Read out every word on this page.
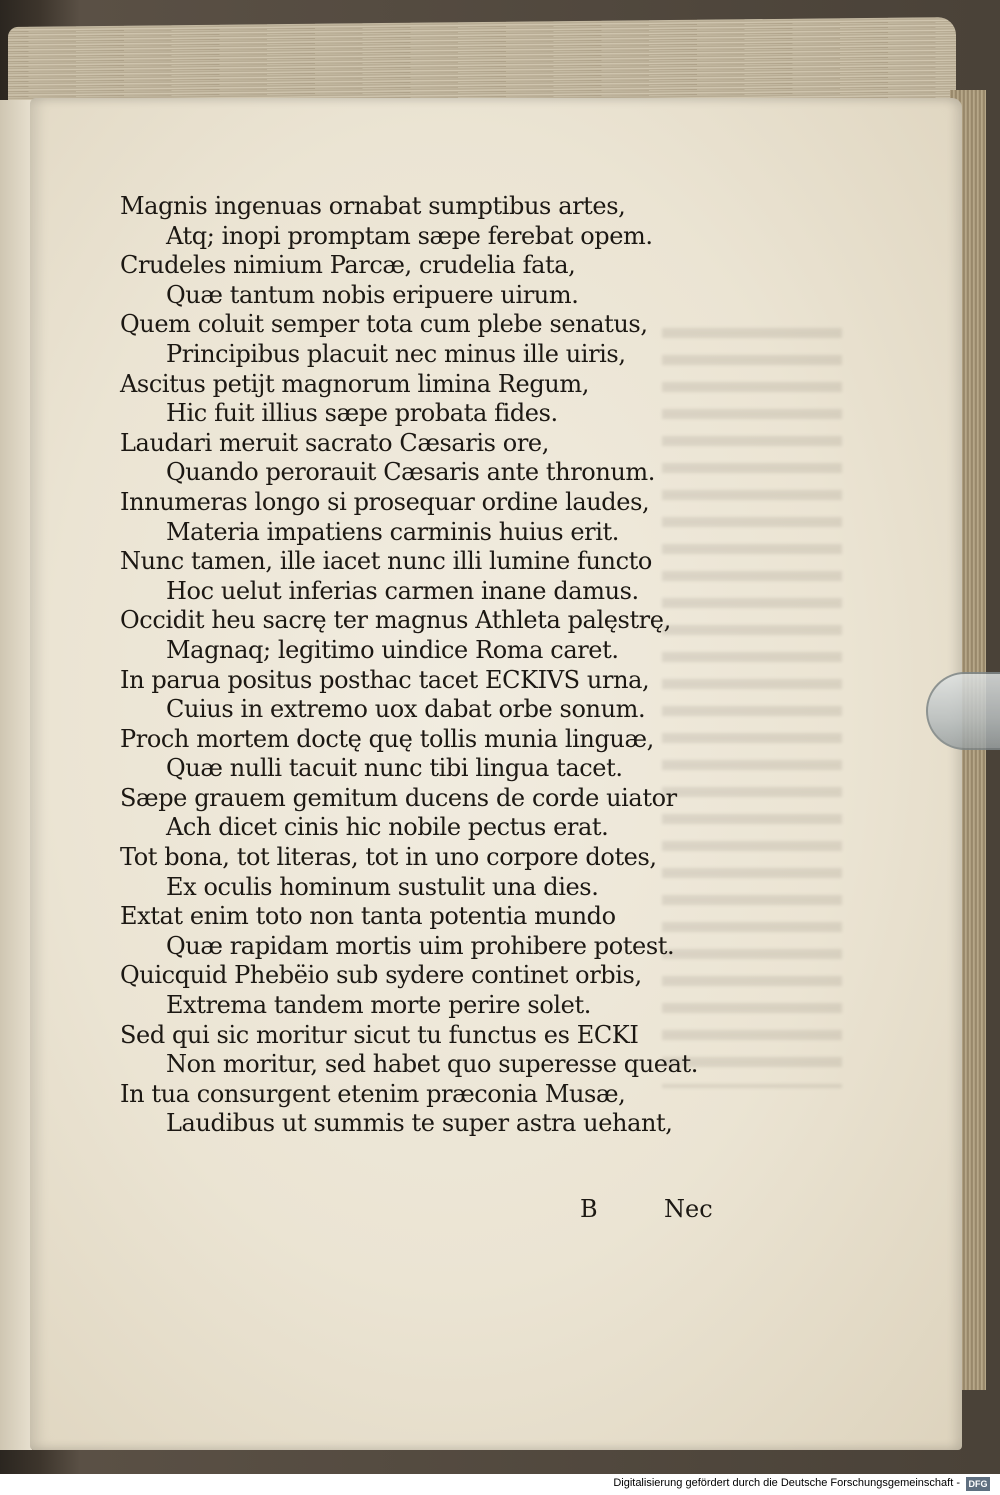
Magnis ingenuas ornabat sumptibus artes,
Atq; inopi promptam sæpe ferebat opem.
Crudeles nimium Parcæ, crudelia fata,
Quæ tantum nobis eripuere uirum.
Quem coluit semper tota cum plebe senatus,
Principibus placuit nec minus ille uiris,
Ascitus petijt magnorum limina Regum,
Hic fuit illius sæpe probata fides.
Laudari meruit sacrato Cæsaris ore,
Quando perorauit Cæsaris ante thronum.
Innumeras longo si prosequar ordine laudes,
Materia impatiens carminis huius erit.
Nunc tamen, ille iacet nunc illi lumine functo
Hoc uelut inferias carmen inane damus.
Occidit heu sacrę ter magnus Athleta palęstrę,
Magnaq; legitimo uindice Roma caret.
In parua positus posthac tacet ECKIVS urna,
Cuius in extremo uox dabat orbe sonum.
Proch mortem doctę quę tollis munia linguæ,
Quæ nulli tacuit nunc tibi lingua tacet.
Sæpe grauem gemitum ducens de corde uiator
Ach dicet cinis hic nobile pectus erat.
Tot bona, tot literas, tot in uno corpore dotes,
Ex oculis hominum sustulit una dies.
Extat enim toto non tanta potentia mundo
Quæ rapidam mortis uim prohibere potest.
Quicquid Phebëio sub sydere continet orbis,
Extrema tandem morte perire solet.
Sed qui sic moritur sicut tu functus es ECKI
Non moritur, sed habet quo superesse queat.
In tua consurgent etenim præconia Musæ,
Laudibus ut summis te super astra uehant,
B	Nec
Digitalisierung gefördert durch die Deutsche Forschungsgemeinschaft - DFG
